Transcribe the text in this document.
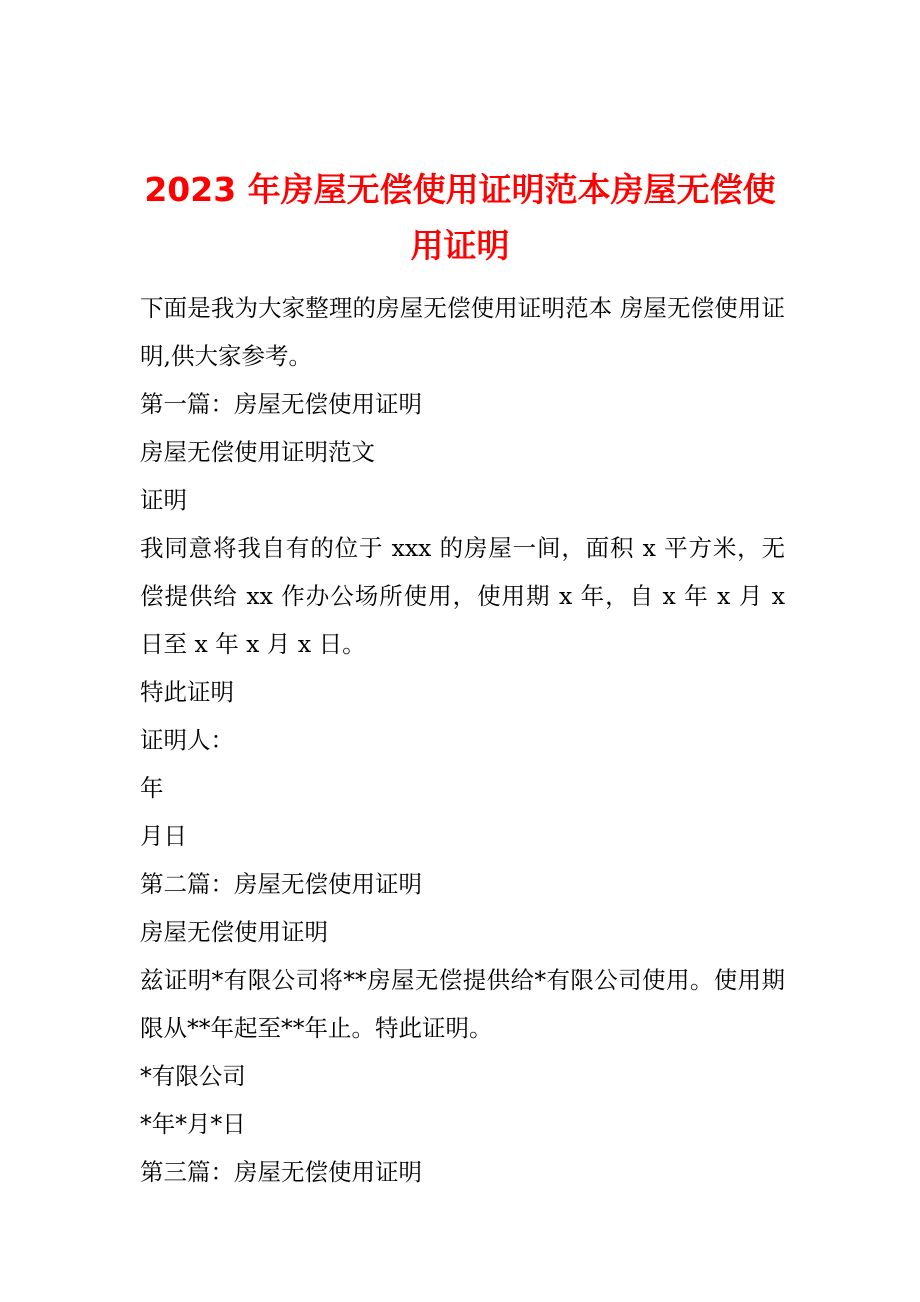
2023 年房屋无偿使用证明范本房屋无偿使
用证明

下面是我为大家整理的房屋无偿使用证明范本 房屋无偿使用证明,供大家参考。

第一篇：房屋无偿使用证明

房屋无偿使用证明范文

证明

我同意将我自有的位于 xxx 的房屋一间，面积 x 平方米，无偿提供给 xx 作办公场所使用，使用期 x 年，自 x 年 x 月 x 日至 x 年 x 月 x 日。

特此证明

证明人：

年

月日

第二篇：房屋无偿使用证明

房屋无偿使用证明

兹证明*有限公司将**房屋无偿提供给*有限公司使用。使用期限从**年起至**年止。特此证明。

*有限公司

*年*月*日

第三篇：房屋无偿使用证明
